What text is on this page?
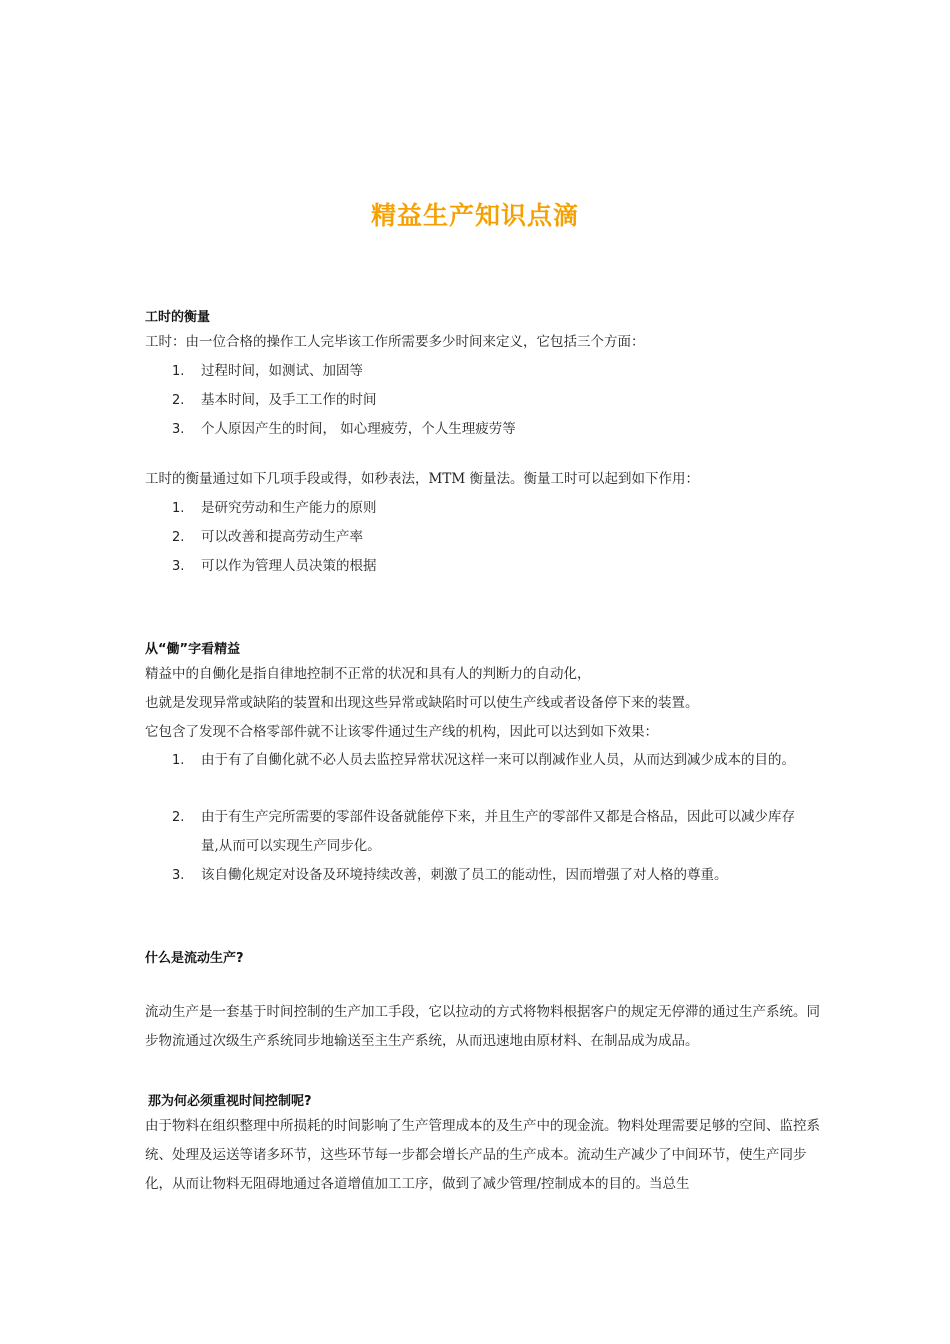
精益生产知识点滴
工时的衡量
工时：由一位合格的操作工人完毕该工作所需要多少时间来定义，它包括三个方面：
1.	过程时间，如测试、加固等
2.	基本时间，及手工工作的时间
3.	个人原因产生的时间， 如心理疲劳，个人生理疲劳等
工时的衡量通过如下几项手段或得，如秒表法，MTM 衡量法。衡量工时可以起到如下作用：
1.	是研究劳动和生产能力的原则
2.	可以改善和提高劳动生产率
3.	可以作为管理人员决策的根据
从“働”字看精益
精益中的自働化是指自律地控制不正常的状况和具有人的判断力的自动化，
也就是发现异常或缺陷的装置和出现这些异常或缺陷时可以使生产线或者设备停下来的装置。
它包含了发现不合格零部件就不让该零件通过生产线的机构，因此可以达到如下效果：
1.	由于有了自働化就不必人员去监控异常状况这样一来可以削减作业人员，从而达到减少成本的目的。
2.	由于有生产完所需要的零部件设备就能停下来，并且生产的零部件又都是合格品，因此可以减少库存量,从而可以实现生产同步化。
3.	该自働化规定对设备及环境持续改善，刺激了员工的能动性，因而增强了对人格的尊重。
什么是流动生产?
流动生产是一套基于时间控制的生产加工手段，它以拉动的方式将物料根据客户的规定无停滞的通过生产系统。同步物流通过次级生产系统同步地输送至主生产系统，从而迅速地由原材料、在制品成为成品。
那为何必须重视时间控制呢?
由于物料在组织整理中所损耗的时间影响了生产管理成本的及生产中的现金流。物料处理需要足够的空间、监控系统、处理及运送等诸多环节，这些环节每一步都会增长产品的生产成本。流动生产减少了中间环节，使生产同步化，从而让物料无阻碍地通过各道增值加工工序，做到了减少管理/控制成本的目的。当总生
